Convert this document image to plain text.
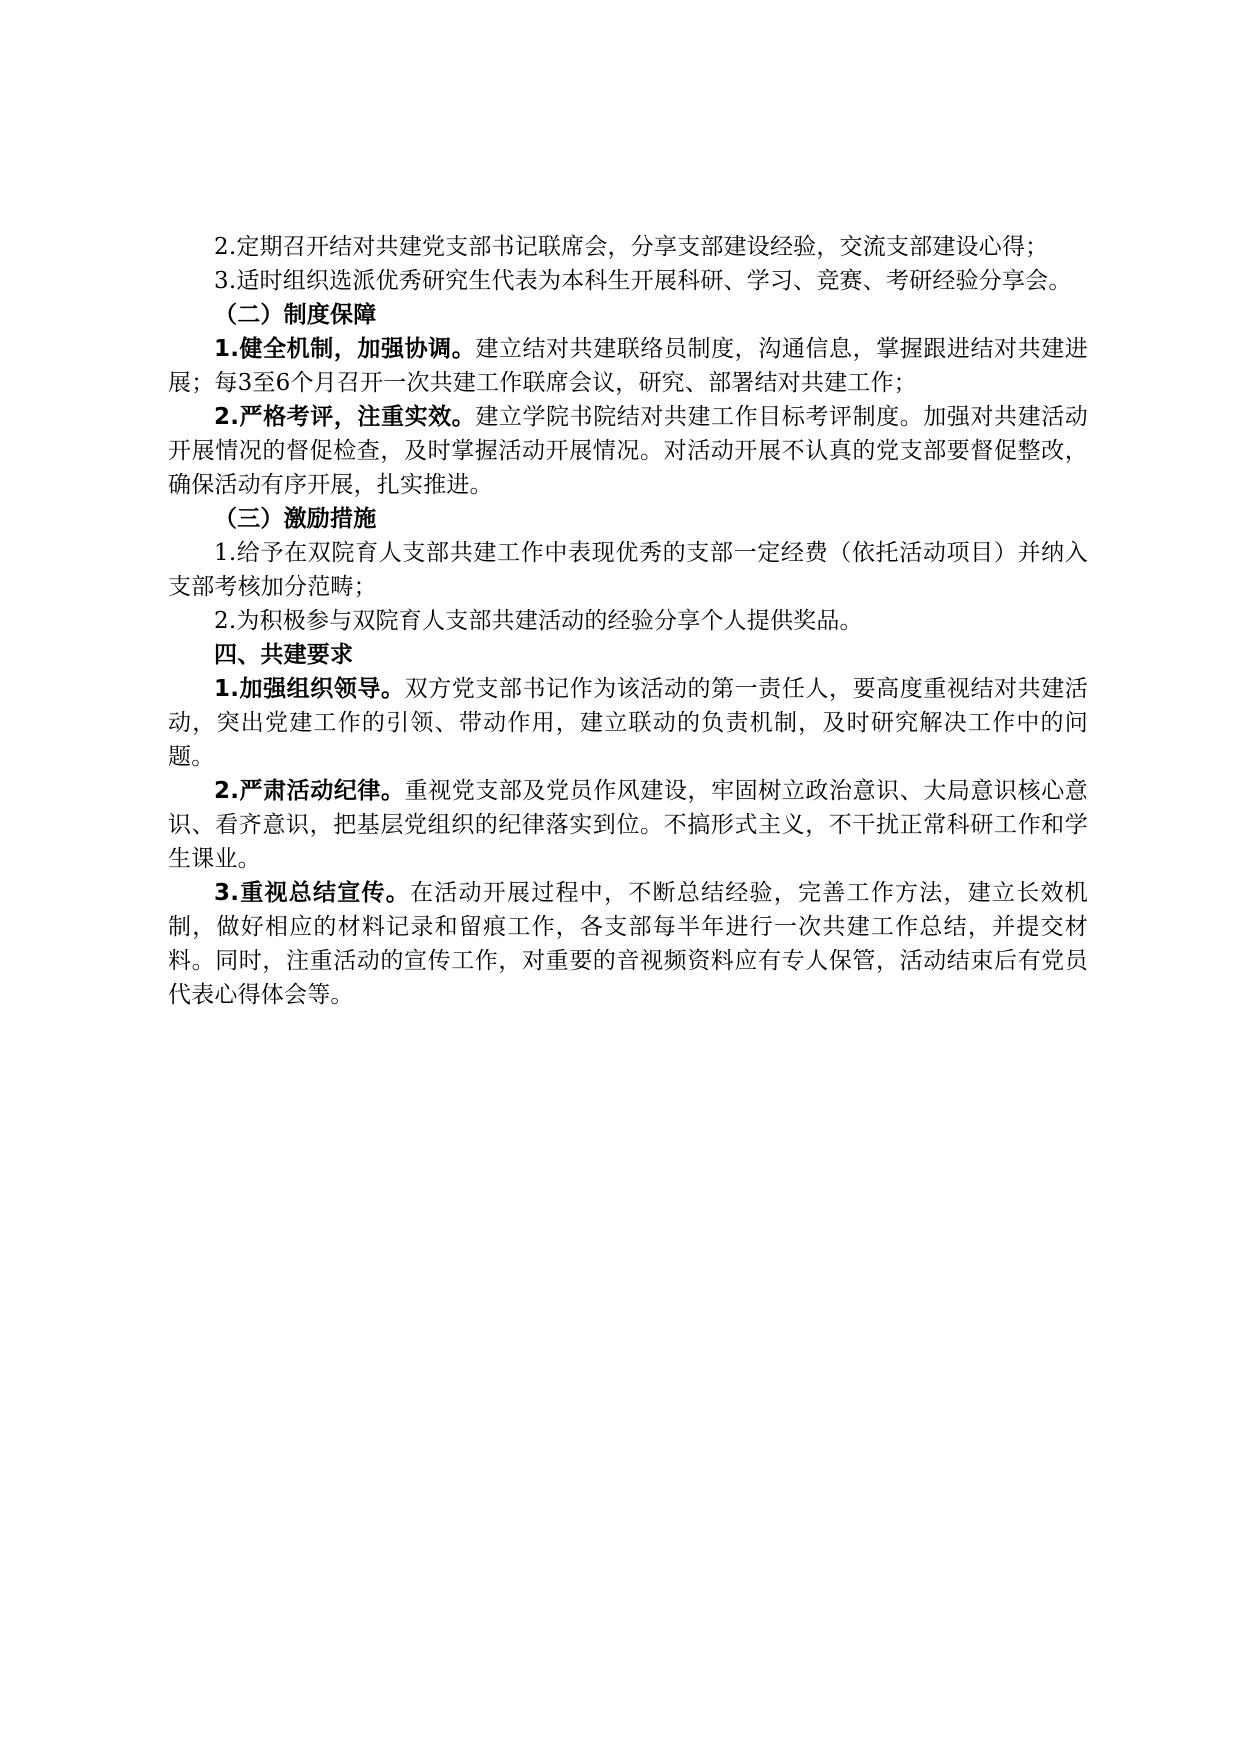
2.定期召开结对共建党支部书记联席会，分享支部建设经验，交流支部建设心得；

3.适时组织选派优秀研究生代表为本科生开展科研、学习、竞赛、考研经验分享会。

（二）制度保障

1.健全机制，加强协调。建立结对共建联络员制度，沟通信息，掌握跟进结对共建进展；每3至6个月召开一次共建工作联席会议，研究、部署结对共建工作；

2.严格考评，注重实效。建立学院书院结对共建工作目标考评制度。加强对共建活动开展情况的督促检查，及时掌握活动开展情况。对活动开展不认真的党支部要督促整改，确保活动有序开展，扎实推进。

（三）激励措施

1.给予在双院育人支部共建工作中表现优秀的支部一定经费（依托活动项目）并纳入支部考核加分范畴；

2.为积极参与双院育人支部共建活动的经验分享个人提供奖品。

四、共建要求

1.加强组织领导。双方党支部书记作为该活动的第一责任人，要高度重视结对共建活动，突出党建工作的引领、带动作用，建立联动的负责机制，及时研究解决工作中的问题。

2.严肃活动纪律。重视党支部及党员作风建设，牢固树立政治意识、大局意识核心意识、看齐意识，把基层党组织的纪律落实到位。不搞形式主义，不干扰正常科研工作和学生课业。

3.重视总结宣传。在活动开展过程中，不断总结经验，完善工作方法，建立长效机制，做好相应的材料记录和留痕工作，各支部每半年进行一次共建工作总结，并提交材料。同时，注重活动的宣传工作，对重要的音视频资料应有专人保管，活动结束后有党员代表心得体会等。
